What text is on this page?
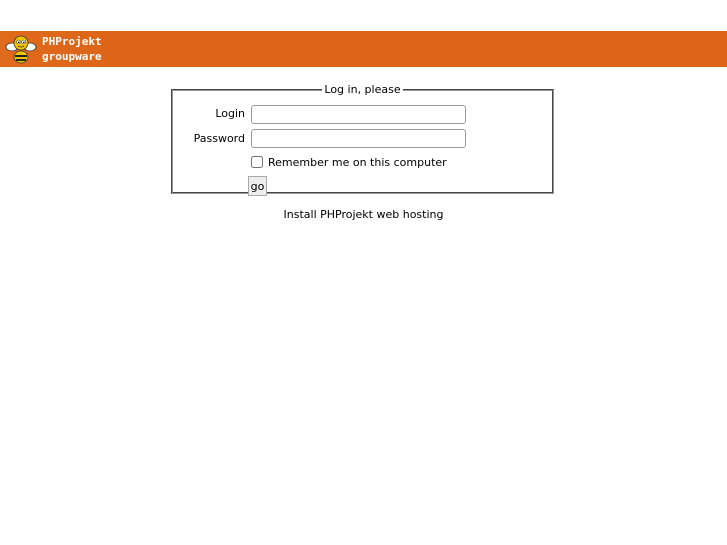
PHProjekt
groupware
Log in, please
Login
Password
Remember me on this computer
go
Install PHProjekt web hosting
